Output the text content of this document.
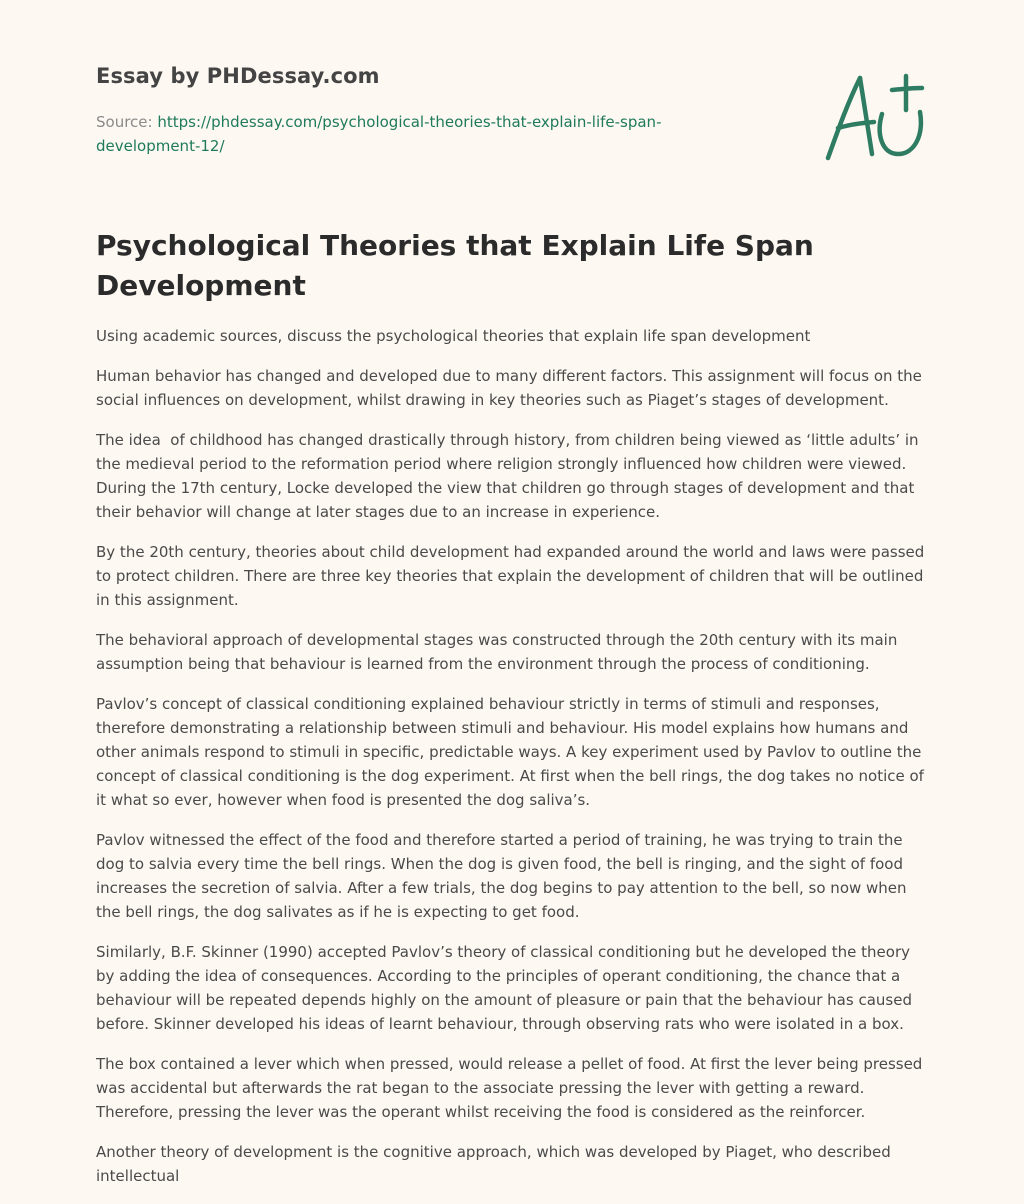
Essay by PHDessay.com
Source: https://phdessay.com/psychological-theories-that-explain-life-span-development-12/
Psychological Theories that Explain Life Span Development

Using academic sources, discuss the psychological theories that explain life span development

Human behavior has changed and developed due to many different factors. This assignment will focus on the social influences on development, whilst drawing in key theories such as Piaget’s stages of development.

The idea  of childhood has changed drastically through history, from children being viewed as ‘little adults’ in the medieval period to the reformation period where religion strongly influenced how children were viewed. During the 17th century, Locke developed the view that children go through stages of development and that their behavior will change at later stages due to an increase in experience.

By the 20th century, theories about child development had expanded around the world and laws were passed to protect children. There are three key theories that explain the development of children that will be outlined in this assignment.

The behavioral approach of developmental stages was constructed through the 20th century with its main assumption being that behaviour is learned from the environment through the process of conditioning.

Pavlov’s concept of classical conditioning explained behaviour strictly in terms of stimuli and responses, therefore demonstrating a relationship between stimuli and behaviour. His model explains how humans and other animals respond to stimuli in specific, predictable ways. A key experiment used by Pavlov to outline the concept of classical conditioning is the dog experiment. At first when the bell rings, the dog takes no notice of it what so ever, however when food is presented the dog saliva’s.

Pavlov witnessed the effect of the food and therefore started a period of training, he was trying to train the dog to salvia every time the bell rings. When the dog is given food, the bell is ringing, and the sight of food increases the secretion of salvia. After a few trials, the dog begins to pay attention to the bell, so now when the bell rings, the dog salivates as if he is expecting to get food.

Similarly, B.F. Skinner (1990) accepted Pavlov’s theory of classical conditioning but he developed the theory by adding the idea of consequences. According to the principles of operant conditioning, the chance that a behaviour will be repeated depends highly on the amount of pleasure or pain that the behaviour has caused before. Skinner developed his ideas of learnt behaviour, through observing rats who were isolated in a box.

The box contained a lever which when pressed, would release a pellet of food. At first the lever being pressed was accidental but afterwards the rat began to the associate pressing the lever with getting a reward. Therefore, pressing the lever was the operant whilst receiving the food is considered as the reinforcer.

Another theory of development is the cognitive approach, which was developed by Piaget, who described intellectual
